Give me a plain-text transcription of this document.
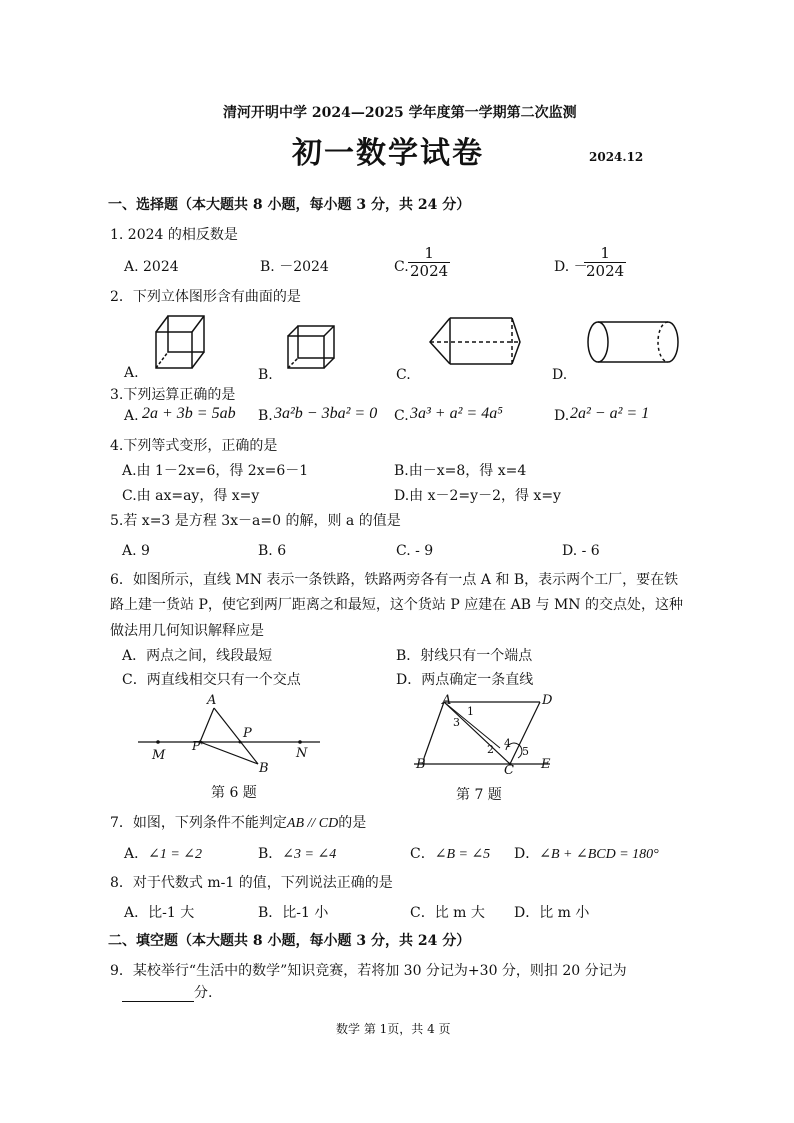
清河开明中学 2024—2025 学年度第一学期第二次监测
初一数学试卷	2024.12
一、选择题（本大题共 8 小题，每小题 3 分，共 24 分）
1. 2024 的相反数是
A. 2024	B. －2024	C. $\frac{1}{2024}$	D. －
$\frac{1}{2024}$
2．下列立体图形含有曲面的是
A.	B.	C.	D.
3.下列运算正确的是
A. 2a + 3b = 5ab B. 3a²b − 3ba² = 0 C. 3a³ + a² = 4a⁵	D. 2a² − a² = 1
4.下列等式变形，正确的是
A.由 1－2x=6，得 2x=6－1	B.由－x=8，得 x=4
C.由 ax=ay，得 x=y	D.由 x－2=y－2，得 x=y
5.若 x=3 是方程 3x－a=0 的解，则 a 的值是
A. 9	B. 6	C. - 9	D. - 6
6．如图所示，直线 MN 表示一条铁路，铁路两旁各有一点 A 和 B，表示两个工厂，要在铁
路上建一货站 P，使它到两厂距离之和最短，这个货站 P 应建在 AB 与 MN 的交点处，这种
做法用几何知识解释应是
A．两点之间，线段最短	B．射线只有一个端点
C．两直线相交只有一个交点	D．两点确定一条直线
A
P
P'
B
M	N
第 6 题
A	D
B	C E
1
2
3
4
5
第 7 题
7．如图，下列条件不能判定AB // CD的是
A．∠1 = ∠2	B．∠3 = ∠4	C．∠B = ∠5 D．∠B + ∠BCD = 180°
8．对于代数式 m-1 的值，下列说法正确的是
A．比-1 大	B．比-1 小	C．比 m 大 D．比 m 小
二、填空题（本大题共 8 小题，每小题 3 分，共 24 分）
9．某校举行“生活中的数学”知识竞赛，若将加 30 分记为+30 分，则扣 20 分记为
分.
数学 第 1页，共 4 页
